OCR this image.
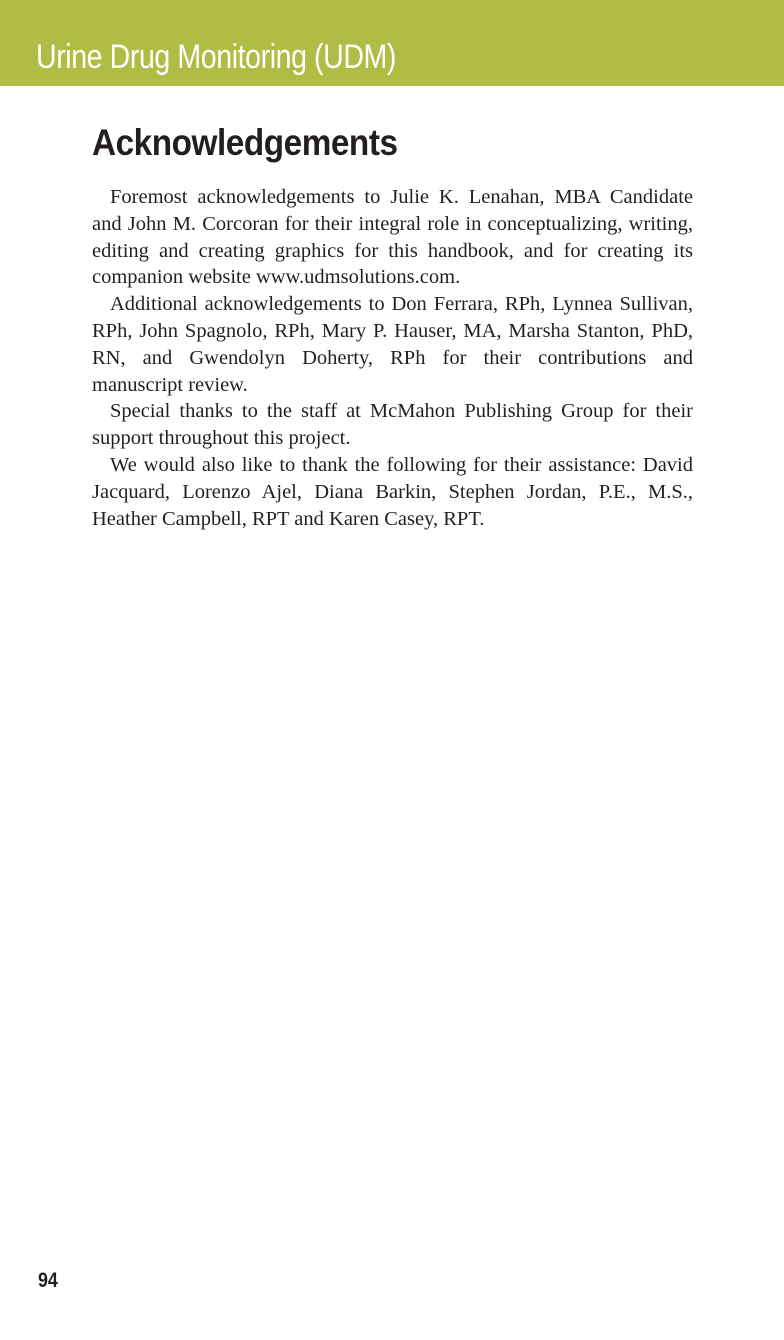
Urine Drug Monitoring (UDM)
Acknowledgements

Foremost acknowledgements to Julie K. Lenahan, MBA Candidate and John M. Corcoran for their integral role in conceptualizing, writing, editing and creating graphics for this handbook, and for creating its companion website www.udmsolutions.com.

Additional acknowledgements to Don Ferrara, RPh, Lynnea Sullivan, RPh, John Spagnolo, RPh, Mary P. Hauser, MA, Marsha Stanton, PhD, RN, and Gwendolyn Doherty, RPh for their contributions and manuscript review.

Special thanks to the staff at McMahon Publishing Group for their support throughout this project.

We would also like to thank the following for their assistance: David Jacquard, Lorenzo Ajel, Diana Barkin, Stephen Jordan, P.E., M.S., Heather Campbell, RPT and Karen Casey, RPT.

94
